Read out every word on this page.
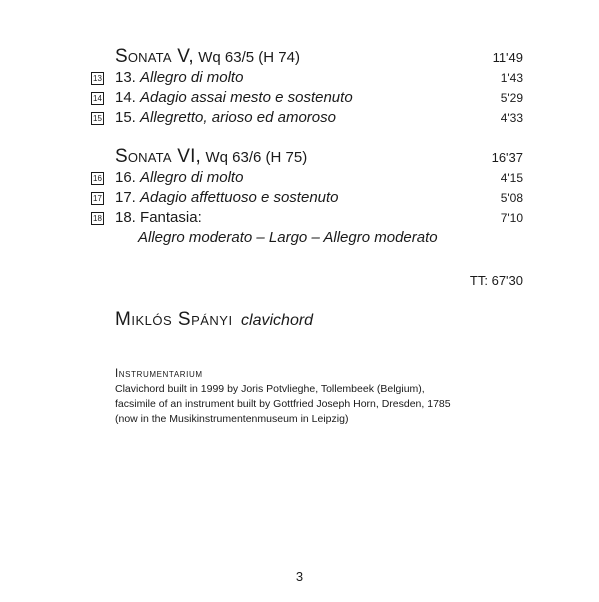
Sonata V, Wq 63/5 (H 74)	11'49
13 13. Allegro di molto	1'43
14 14. Adagio assai mesto e sostenuto	5'29
15 15. Allegretto, arioso ed amoroso	4'33
Sonata VI, Wq 63/6 (H 75)	16'37
16 16. Allegro di molto	4'15
17 17. Adagio affettuoso e sostenuto	5'08
18 18. Fantasia:	7'10
Allegro moderato – Largo – Allegro moderato
TT: 67'30
Miklós Spányi clavichord
Instrumentarium
Clavichord built in 1999 by Joris Potvlieghe, Tollembeek (Belgium),
facsimile of an instrument built by Gottfried Joseph Horn, Dresden, 1785
(now in the Musikinstrumentenmuseum in Leipzig)
3
